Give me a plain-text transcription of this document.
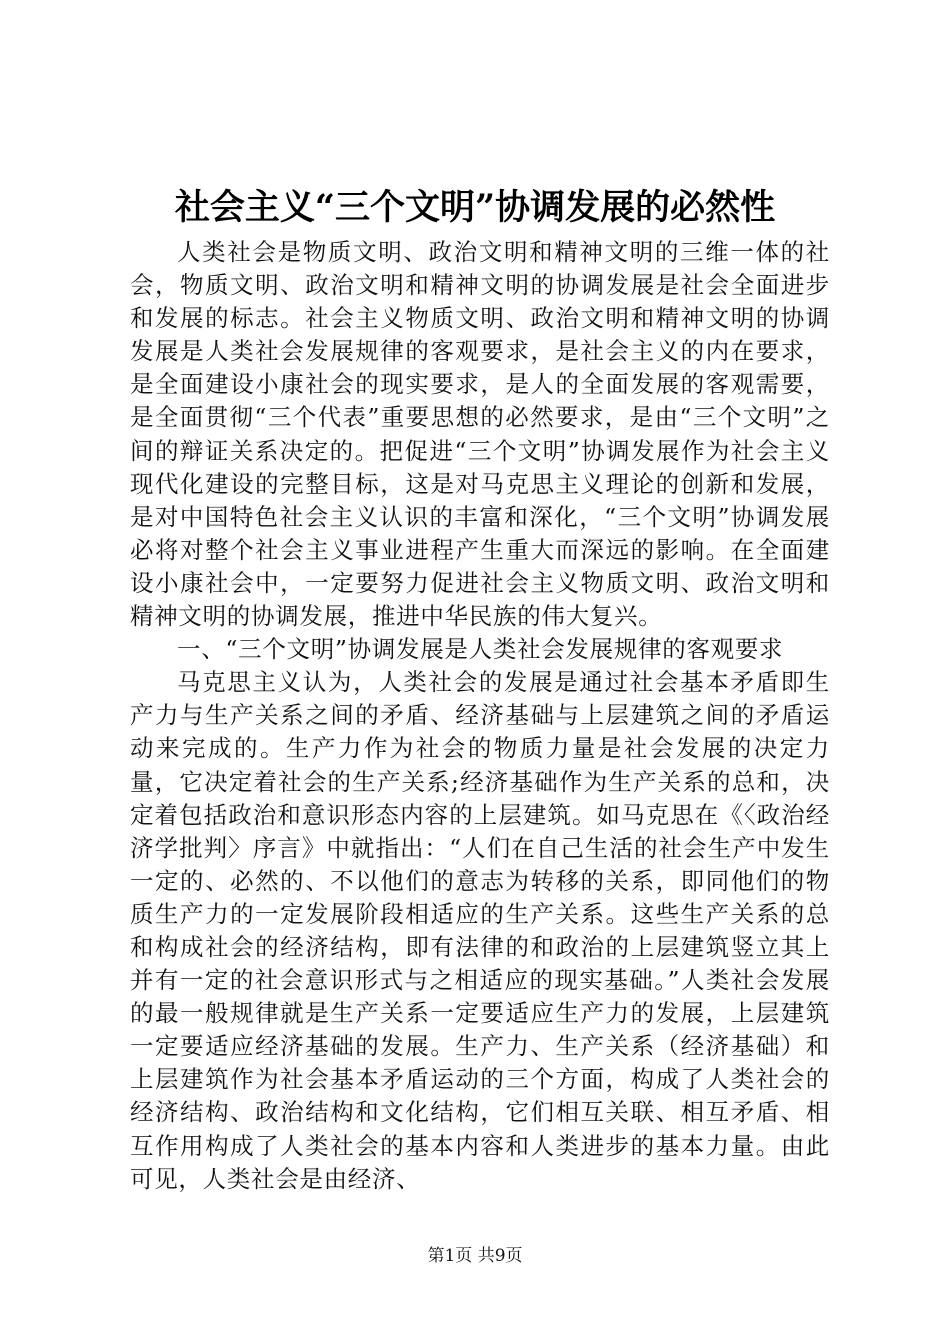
社会主义“三个文明”协调发展的必然性

人类社会是物质文明、政治文明和精神文明的三维一体的社会，物质文明、政治文明和精神文明的协调发展是社会全面进步和发展的标志。社会主义物质文明、政治文明和精神文明的协调发展是人类社会发展规律的客观要求，是社会主义的内在要求，是全面建设小康社会的现实要求，是人的全面发展的客观需要，是全面贯彻“三个代表”重要思想的必然要求，是由“三个文明”之间的辩证关系决定的。把促进“三个文明”协调发展作为社会主义现代化建设的完整目标，这是对马克思主义理论的创新和发展，是对中国特色社会主义认识的丰富和深化，“三个文明”协调发展必将对整个社会主义事业进程产生重大而深远的影响。在全面建设小康社会中，一定要努力促进社会主义物质文明、政治文明和精神文明的协调发展，推进中华民族的伟大复兴。

一、“三个文明”协调发展是人类社会发展规律的客观要求

马克思主义认为，人类社会的发展是通过社会基本矛盾即生产力与生产关系之间的矛盾、经济基础与上层建筑之间的矛盾运动来完成的。生产力作为社会的物质力量是社会发展的决定力量，它决定着社会的生产关系;经济基础作为生产关系的总和，决定着包括政治和意识形态内容的上层建筑。如马克思在《〈政治经济学批判〉序言》中就指出：“人们在自己生活的社会生产中发生一定的、必然的、不以他们的意志为转移的关系，即同他们的物质生产力的一定发展阶段相适应的生产关系。这些生产关系的总和构成社会的经济结构，即有法律的和政治的上层建筑竖立其上并有一定的社会意识形式与之相适应的现实基础。”人类社会发展的最一般规律就是生产关系一定要适应生产力的发展，上层建筑一定要适应经济基础的发展。生产力、生产关系（经济基础）和上层建筑作为社会基本矛盾运动的三个方面，构成了人类社会的经济结构、政治结构和文化结构，它们相互关联、相互矛盾、相互作用构成了人类社会的基本内容和人类进步的基本力量。由此可见，人类社会是由经济、

第1页 共9页
